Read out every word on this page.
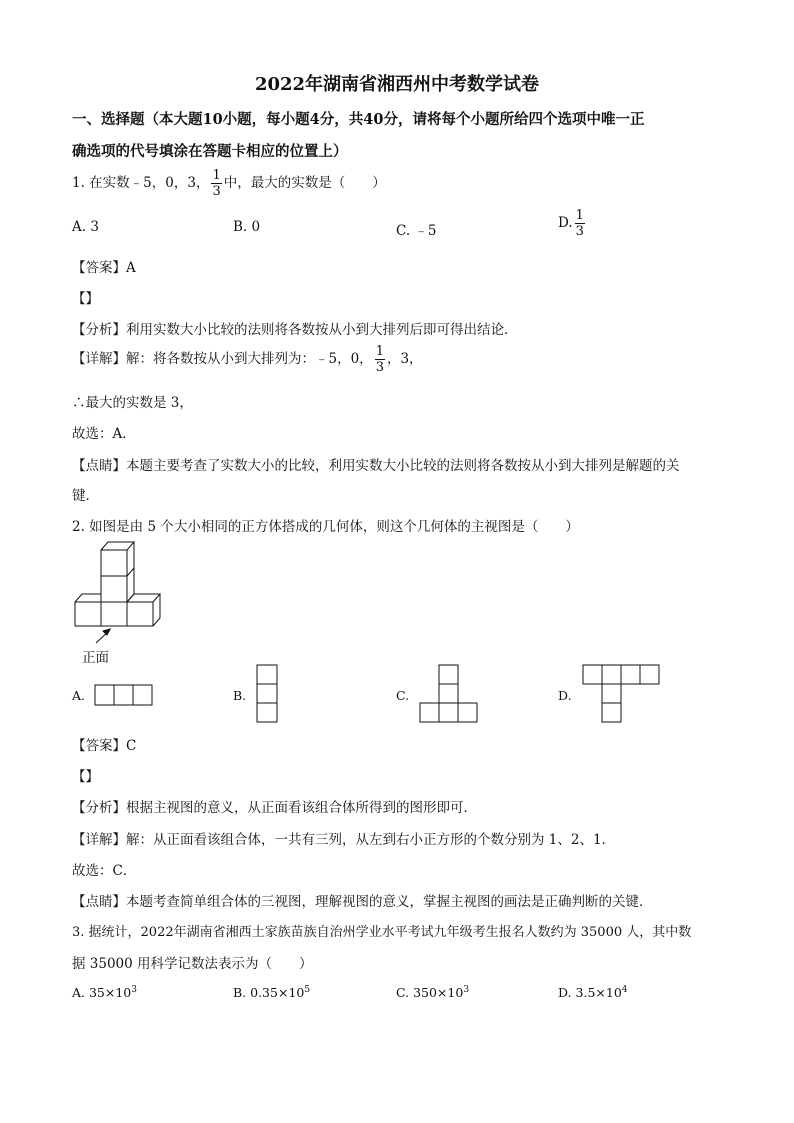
2022年湖南省湘西州中考数学试卷
一、选择题（本大题10小题，每小题4分，共40分，请将每个小题所给四个选项中唯一正
确选项的代号填涂在答题卡相应的位置上）
1. 在实数﹣5，0，3， $\frac{1}{3}$ 中，最大的实数是（　　）
A. 3	B. 0	C. ﹣5	D. $\frac{1}{3}$
【答案】A
【】
【分析】利用实数大小比较的法则将各数按从小到大排列后即可得出结论．
【详解】解：将各数按从小到大排列为：﹣5，0， $\frac{1}{3}$ ，3，
∴最大的实数是 3，
故选：A．
【点睛】本题主要考查了实数大小的比较，利用实数大小比较的法则将各数按从小到大排列是解题的关
键．
2. 如图是由 5 个大小相同的正方体搭成的几何体，则这个几何体的主视图是（　　）
正面
A.	B.	C.	D.
【答案】C
【】
【分析】根据主视图的意义，从正面看该组合体所得到的图形即可．
【详解】解：从正面看该组合体，一共有三列，从左到右小正方形的个数分别为 1、2、1．
故选：C．
【点睛】本题考查简单组合体的三视图，理解视图的意义，掌握主视图的画法是正确判断的关键．
3. 据统计，2022年湖南省湘西土家族苗族自治州学业水平考试九年级考生报名人数约为 35000 人，其中数
据 35000 用科学记数法表示为（　　）
A. $35\times 10^3$	B. $0.35\times 10^5$	C. $350\times 10^3$	D. $3.5\times 10^4$
